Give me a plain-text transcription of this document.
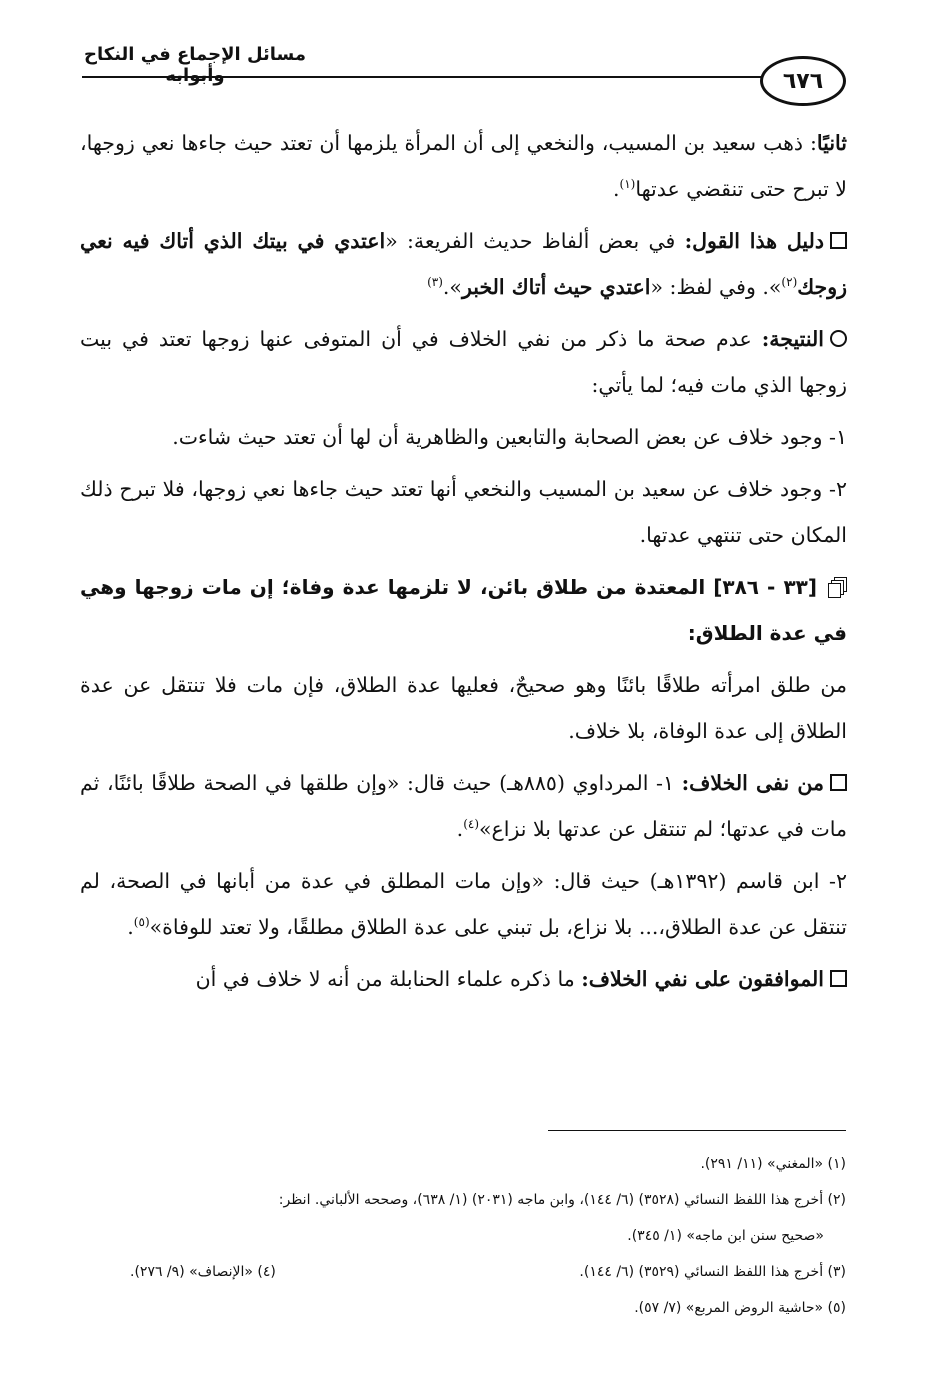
مسائل الإجماع في النكاح وأبوابه	٦٧٦

ثانيًا: ذهب سعيد بن المسيب، والنخعي إلى أن المرأة يلزمها أن تعتد حيث جاءها نعي زوجها، لا تبرح حتى تنقضي عدتها$^{(١)}$.

دليل هذا القول: في بعض ألفاظ حديث الفريعة: «اعتدي في بيتك الذي أتاك فيه نعي زوجك$^{(٢)}$». وفي لفظ: «اعتدي حيث أتاك الخبر».$^{(٣)}$

النتيجة: عدم صحة ما ذكر من نفي الخلاف في أن المتوفى عنها زوجها تعتد في بيت زوجها الذي مات فيه؛ لما يأتي:

١- وجود خلاف عن بعض الصحابة والتابعين والظاهرية أن لها أن تعتد حيث شاءت.

٢- وجود خلاف عن سعيد بن المسيب والنخعي أنها تعتد حيث جاءها نعي زوجها، فلا تبرح ذلك المكان حتى تنتهي عدتها.

[٣٣ - ٣٨٦] المعتدة من طلاق بائن، لا تلزمها عدة وفاة؛ إن مات زوجها وهي في عدة الطلاق:

من طلق امرأته طلاقًا بائنًا وهو صحيحٌ، فعليها عدة الطلاق، فإن مات فلا تنتقل عن عدة الطلاق إلى عدة الوفاة، بلا خلاف.

من نفى الخلاف: ١- المرداوي (٨٨٥هـ) حيث قال: «وإن طلقها في الصحة طلاقًا بائنًا، ثم مات في عدتها؛ لم تنتقل عن عدتها بلا نزاع»$^{(٤)}$.

٢- ابن قاسم (١٣٩٢هـ) حيث قال: «وإن مات المطلق في عدة من أبانها في الصحة، لم تنتقل عن عدة الطلاق،... بلا نزاع، بل تبني على عدة الطلاق مطلقًا، ولا تعتد للوفاة»$^{(٥)}$.

الموافقون على نفي الخلاف: ما ذكره علماء الحنابلة من أنه لا خلاف في أن

(١) «المغني» (١١/ ٢٩١).
(٢) أخرج هذا اللفظ النسائي (٣٥٢٨) (٦/ ١٤٤)، وابن ماجه (٢٠٣١) (١/ ٦٣٨)، وصححه الألباني. انظر:
«صحيح سنن ابن ماجه» (١/ ٣٤٥).
(٣) أخرج هذا اللفظ النسائي (٣٥٢٩) (٦/ ١٤٤).
(٤) «الإنصاف» (٩/ ٢٧٦).
(٥) «حاشية الروض المربع» (٧/ ٥٧).
